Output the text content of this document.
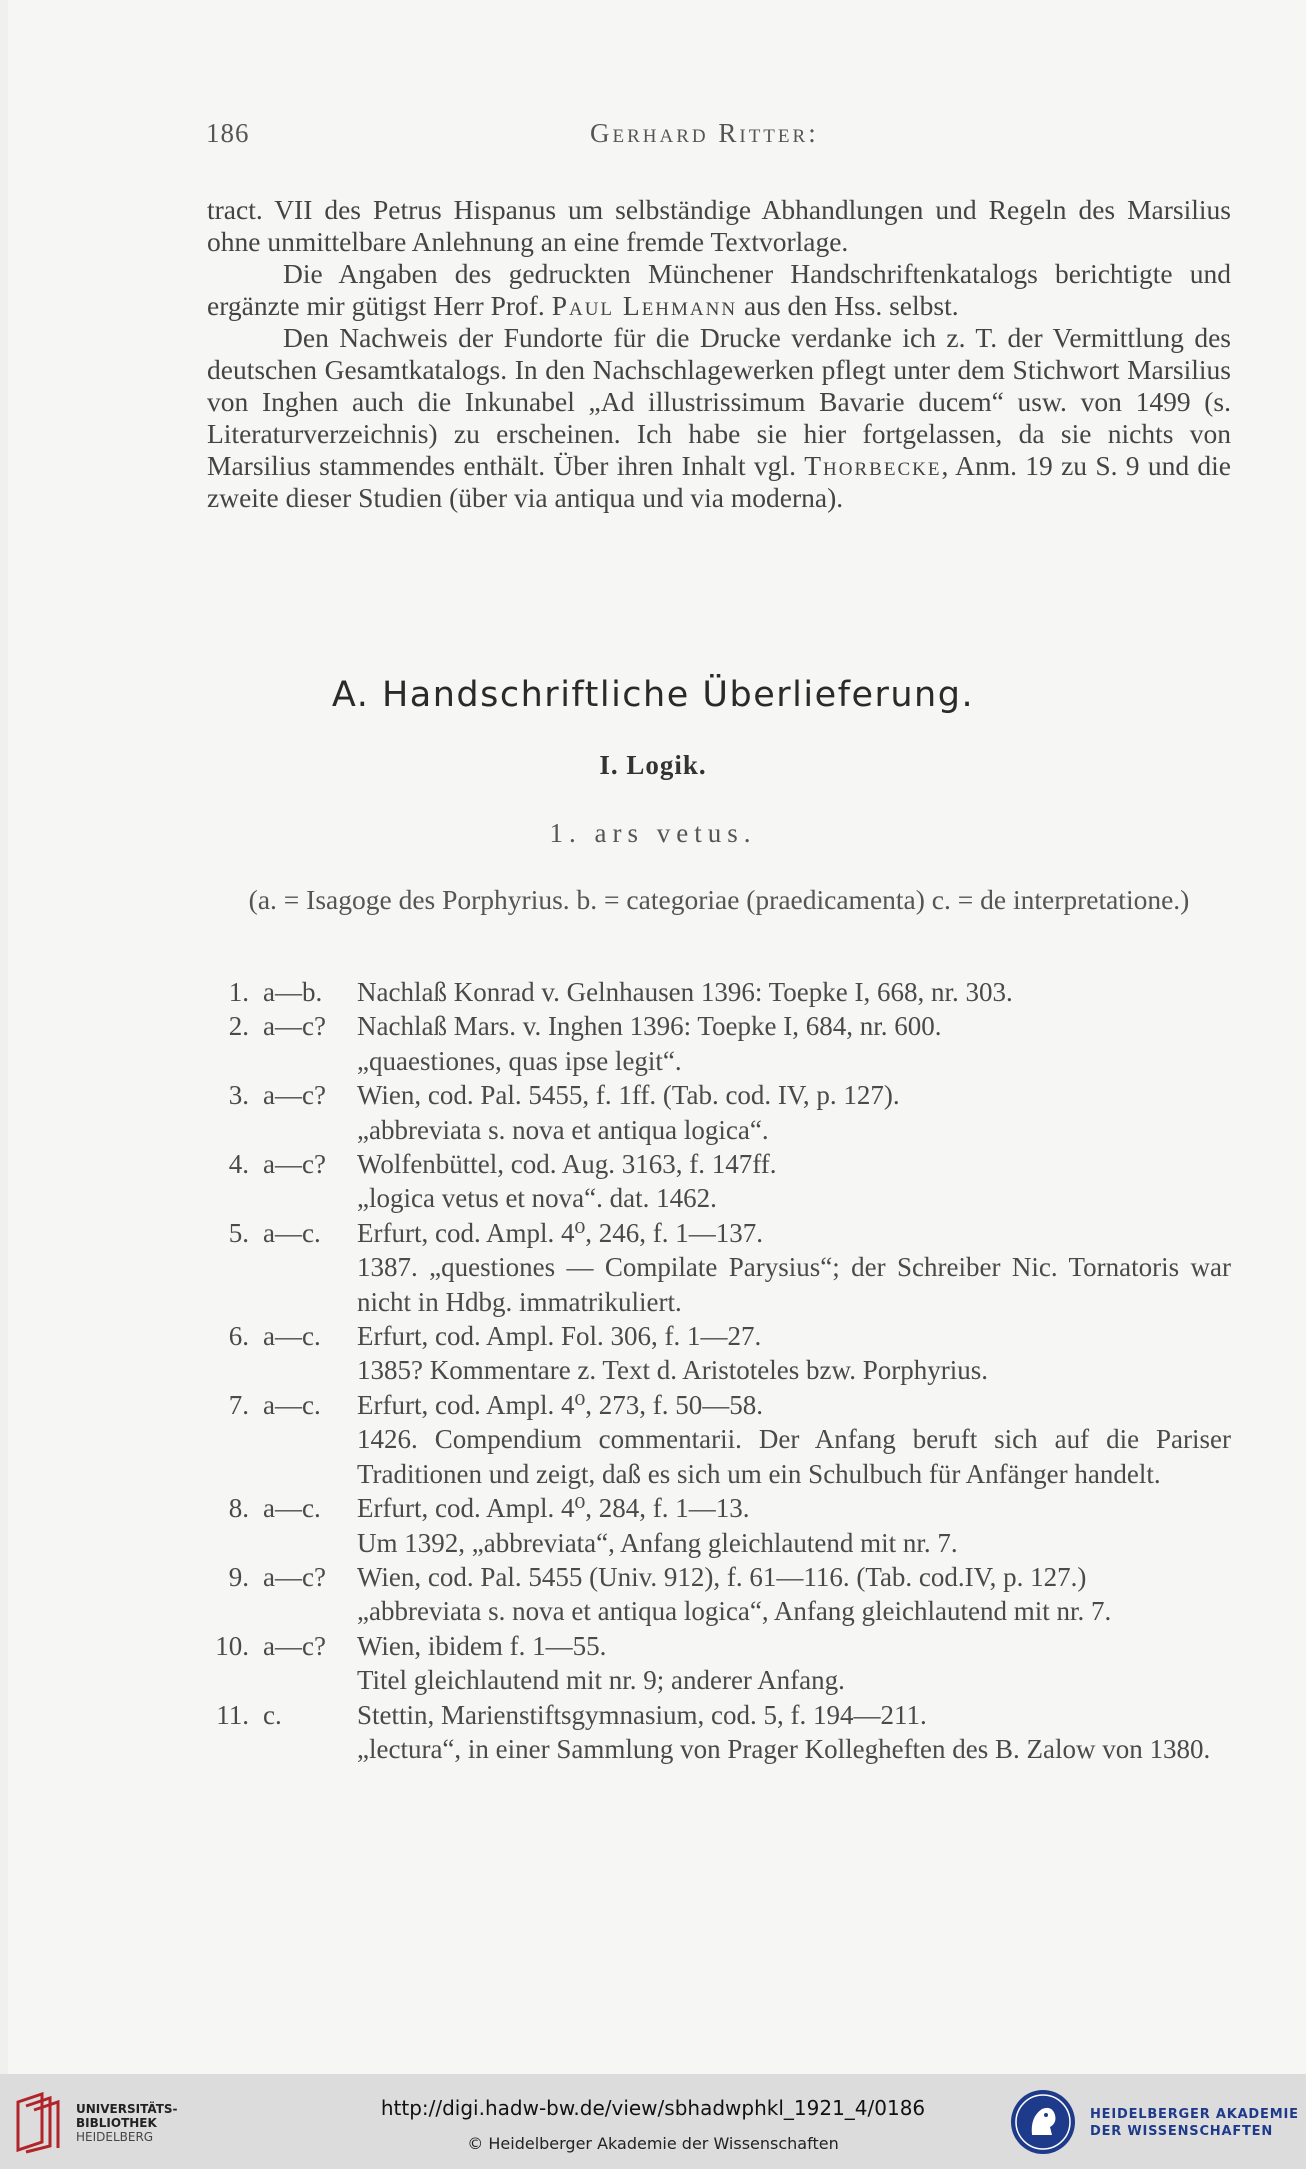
186	Gerhard Ritter:

tract. VII des Petrus Hispanus um selbständige Abhandlungen und Regeln des Marsilius ohne unmittelbare Anlehnung an eine fremde Textvorlage.

Die Angaben des gedruckten Münchener Handschriftenkatalogs berichtigte und ergänzte mir gütigst Herr Prof. Paul Lehmann aus den Hss. selbst.

Den Nachweis der Fundorte für die Drucke verdanke ich z. T. der Vermittlung des deutschen Gesamtkatalogs. In den Nachschlagewerken pflegt unter dem Stichwort Marsilius von Inghen auch die Inkunabel „Ad illustrissimum Bavarie ducem“ usw. von 1499 (s. Literaturverzeichnis) zu erscheinen. Ich habe sie hier fortgelassen, da sie nichts von Marsilius stammendes enthält. Über ihren Inhalt vgl. Thorbecke, Anm. 19 zu S. 9 und die zweite dieser Studien (über via antiqua und via moderna).

A. Handschriftliche Überlieferung.
I. Logik.
1. ars vetus.
(a. = Isagoge des Porphyrius. b. = categoriae (praedicamenta) c. = de interpretatione.)
1. a—b. Nachlaß Konrad v. Gelnhausen 1396: Toepke I, 668, nr. 303.
2. a—c? Nachlaß Mars. v. Inghen 1396: Toepke I, 684, nr. 600.
„quaestiones, quas ipse legit“.
3. a—c? Wien, cod. Pal. 5455, f. 1ff. (Tab. cod. IV, p. 127).
„abbreviata s. nova et antiqua logica“.
4. a—c? Wolfenbüttel, cod. Aug. 3163, f. 147ff.
„logica vetus et nova“. dat. 1462.
5. a—c. Erfurt, cod. Ampl. 4⁰, 246, f. 1—137.
1387. „questiones — Compilate Parysius“; der Schreiber Nic. Tornatoris war nicht in Hdbg. immatrikuliert.
6. a—c. Erfurt, cod. Ampl. Fol. 306, f. 1—27.
1385? Kommentare z. Text d. Aristoteles bzw. Porphyrius.
7. a—c. Erfurt, cod. Ampl. 4⁰, 273, f. 50—58.
1426. Compendium commentarii. Der Anfang beruft sich auf die Pariser Traditionen und zeigt, daß es sich um ein Schulbuch für Anfänger handelt.
8. a—c. Erfurt, cod. Ampl. 4⁰, 284, f. 1—13.
Um 1392, „abbreviata“, Anfang gleichlautend mit nr. 7.
9. a—c? Wien, cod. Pal. 5455 (Univ. 912), f. 61—116. (Tab. cod.IV, p. 127.)
„abbreviata s. nova et antiqua logica“, Anfang gleichlautend mit nr. 7.
10. a—c? Wien, ibidem f. 1—55.
Titel gleichlautend mit nr. 9; anderer Anfang.
11. c.	Stettin, Marienstiftsgymnasium, cod. 5, f. 194—211.
„lectura“, in einer Sammlung von Prager Kollegheften des B. Zalow von 1380.
UNIVERSITÄTS-
BIBLIOTHEK
HEIDELBERG
http://digi.hadw-bw.de/view/sbhadwphkl_1921_4/0186
© Heidelberger Akademie der Wissenschaften
HEIDELBERGER AKADEMIE
DER WISSENSCHAFTEN
